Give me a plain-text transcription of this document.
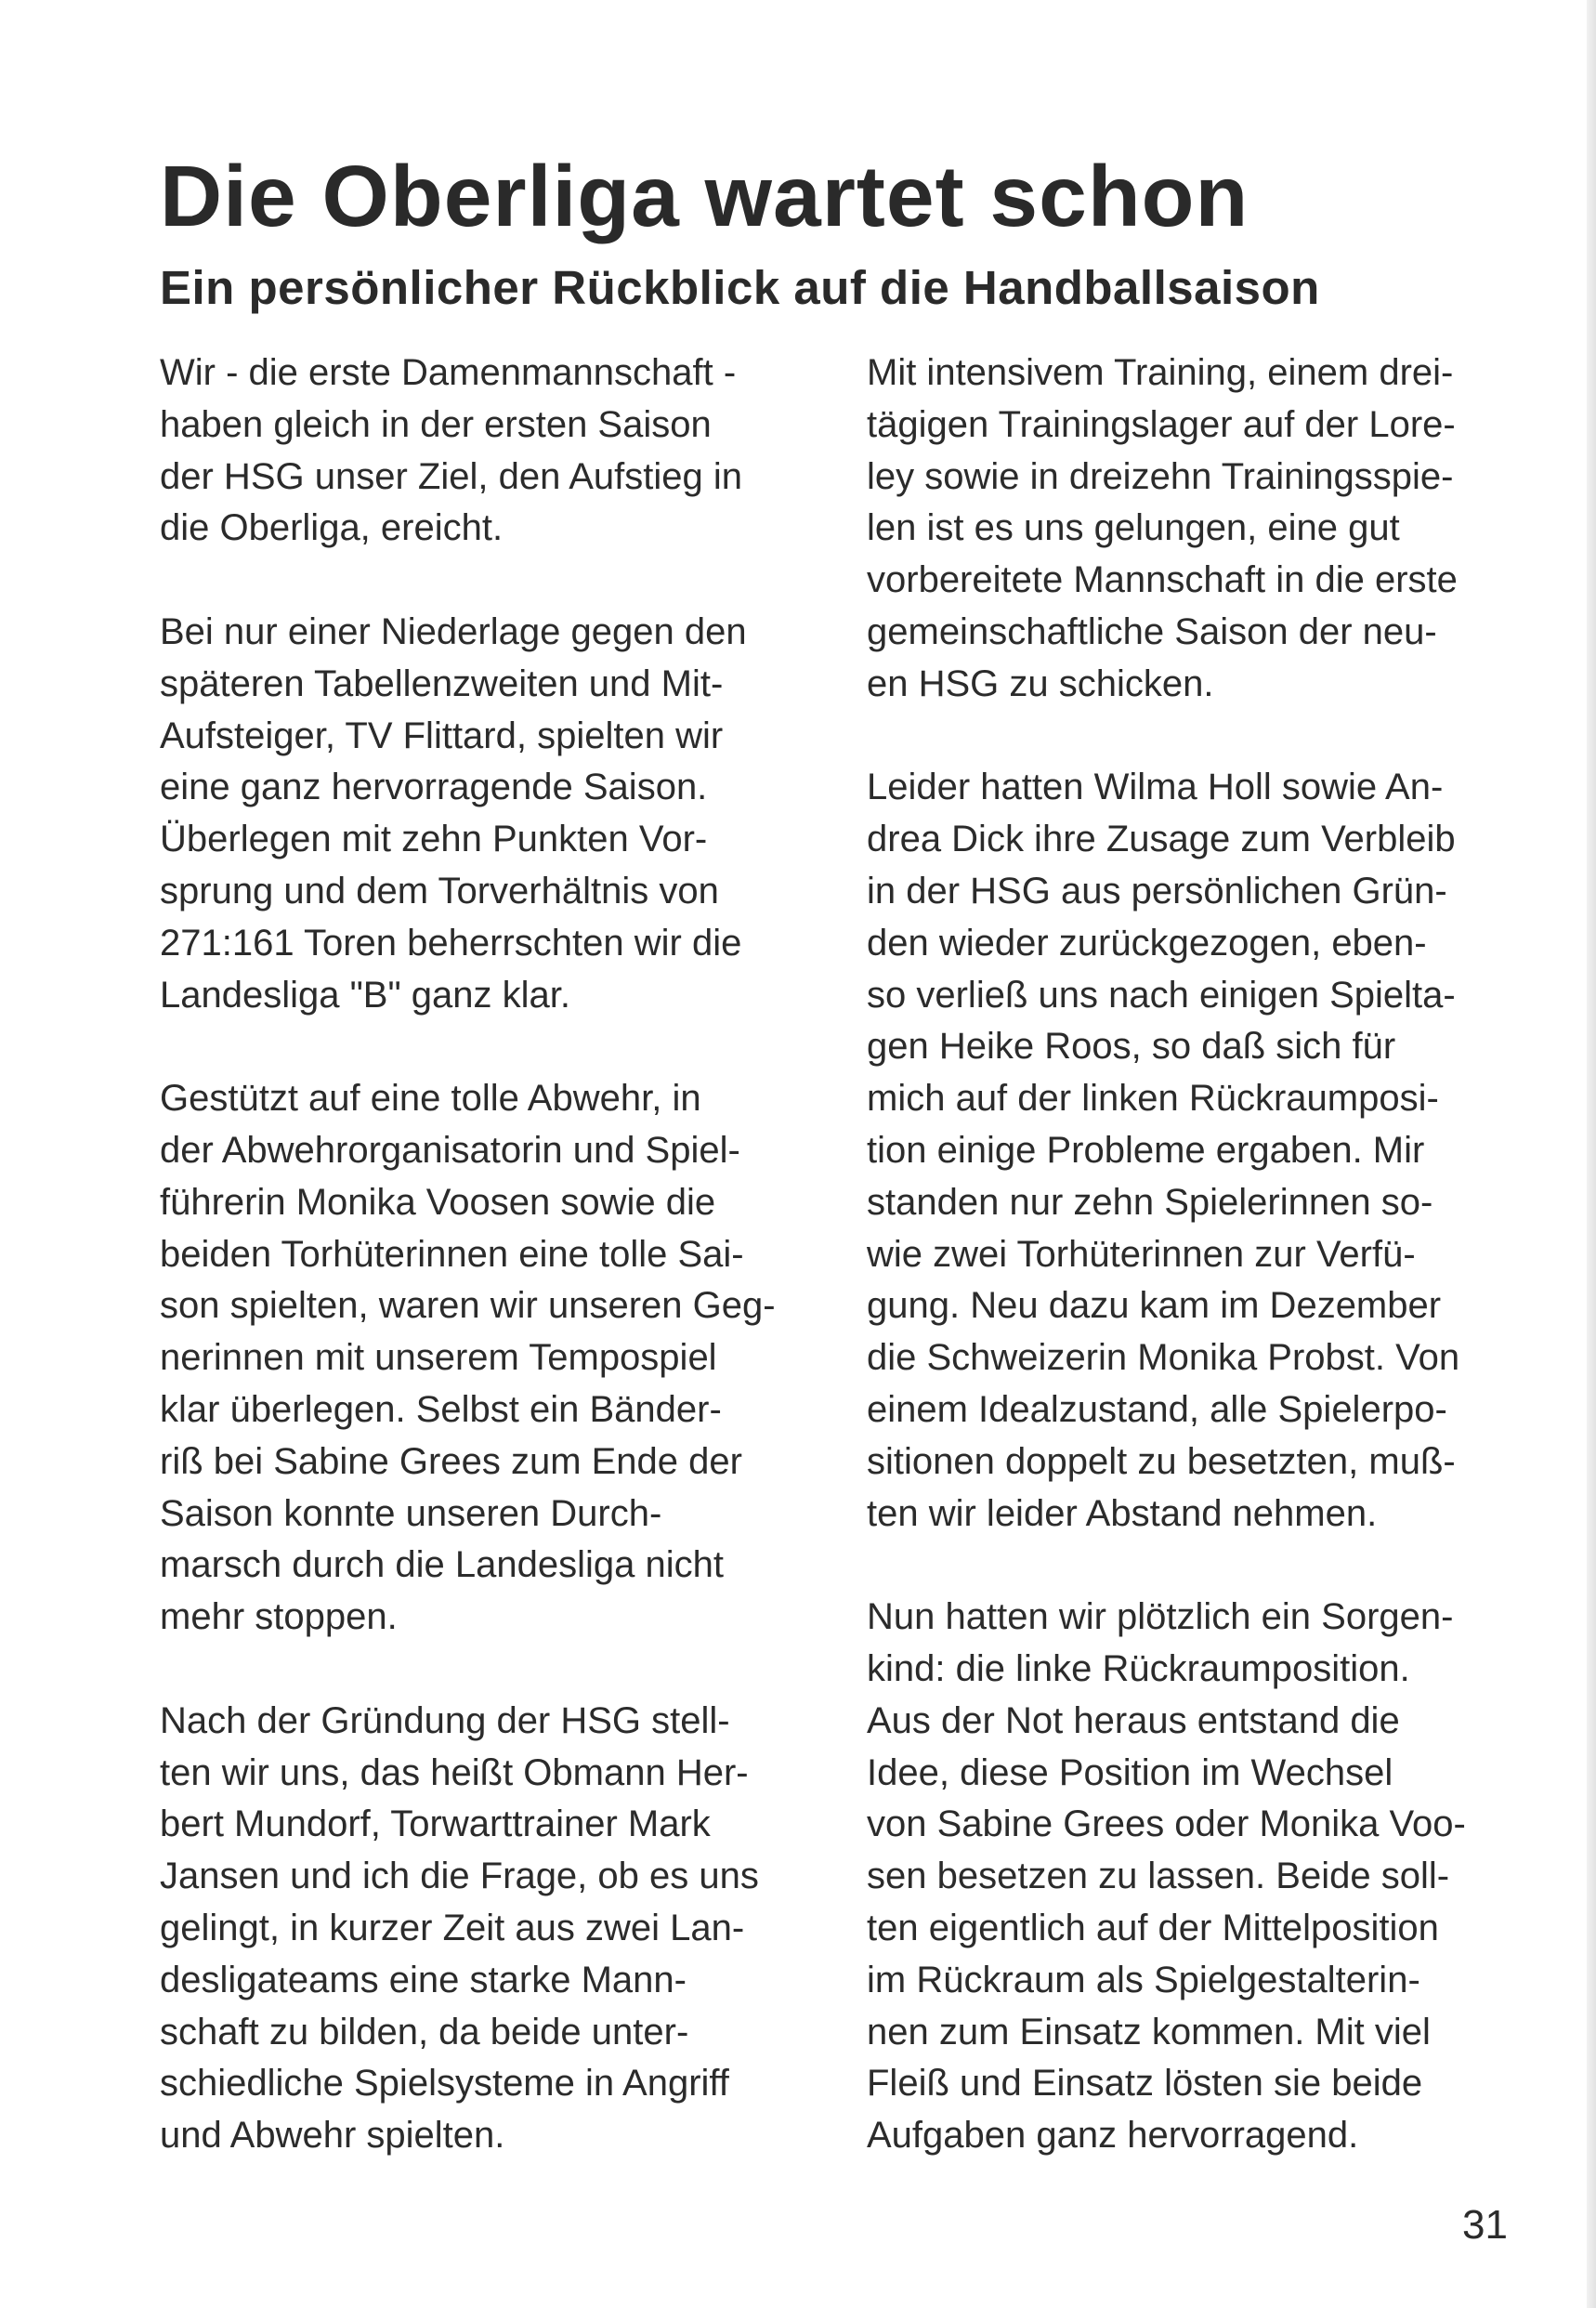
Die Oberliga wartet schon
Ein persönlicher Rückblick auf die Handballsaison

Wir - die erste Damenmannschaft -
haben gleich in der ersten Saison
der HSG unser Ziel, den Aufstieg in
die Oberliga, ereicht.

Bei nur einer Niederlage gegen den
späteren Tabellenzweiten und Mit-
Aufsteiger, TV Flittard, spielten wir
eine ganz hervorragende Saison.
Überlegen mit zehn Punkten Vor-
sprung und dem Torverhältnis von
271:161 Toren beherrschten wir die
Landesliga "B" ganz klar.

Gestützt auf eine tolle Abwehr, in
der Abwehrorganisatorin und Spiel-
führerin Monika Voosen sowie die
beiden Torhüterinnen eine tolle Sai-
son spielten, waren wir unseren Geg-
nerinnen mit unserem Tempospiel
klar überlegen. Selbst ein Bänder-
riß bei Sabine Grees zum Ende der
Saison konnte unseren Durch-
marsch durch die Landesliga nicht
mehr stoppen.

Nach der Gründung der HSG stell-
ten wir uns, das heißt Obmann Her-
bert Mundorf, Torwarttrainer Mark
Jansen und ich die Frage, ob es uns
gelingt, in kurzer Zeit aus zwei Lan-
desligateams eine starke Mann-
schaft zu bilden, da beide unter-
schiedliche Spielsysteme in Angriff
und Abwehr spielten.

Mit intensivem Training, einem drei-
tägigen Trainingslager auf der Lore-
ley sowie in dreizehn Trainingsspie-
len ist es uns gelungen, eine gut
vorbereitete Mannschaft in die erste
gemeinschaftliche Saison der neu-
en HSG zu schicken.

Leider hatten Wilma Holl sowie An-
drea Dick ihre Zusage zum Verbleib
in der HSG aus persönlichen Grün-
den wieder zurückgezogen, eben-
so verließ uns nach einigen Spielta-
gen Heike Roos, so daß sich für
mich auf der linken Rückraumposi-
tion einige Probleme ergaben. Mir
standen nur zehn Spielerinnen so-
wie zwei Torhüterinnen zur Verfü-
gung. Neu dazu kam im Dezember
die Schweizerin Monika Probst. Von
einem Idealzustand, alle Spielerpo-
sitionen doppelt zu besetzten, muß-
ten wir leider Abstand nehmen.

Nun hatten wir plötzlich ein Sorgen-
kind: die linke Rückraumposition.
Aus der Not heraus entstand die
Idee, diese Position im Wechsel
von Sabine Grees oder Monika Voo-
sen besetzen zu lassen. Beide soll-
ten eigentlich auf der Mittelposition
im Rückraum als Spielgestalterin-
nen zum Einsatz kommen. Mit viel
Fleiß und Einsatz lösten sie beide
Aufgaben ganz hervorragend.

31
